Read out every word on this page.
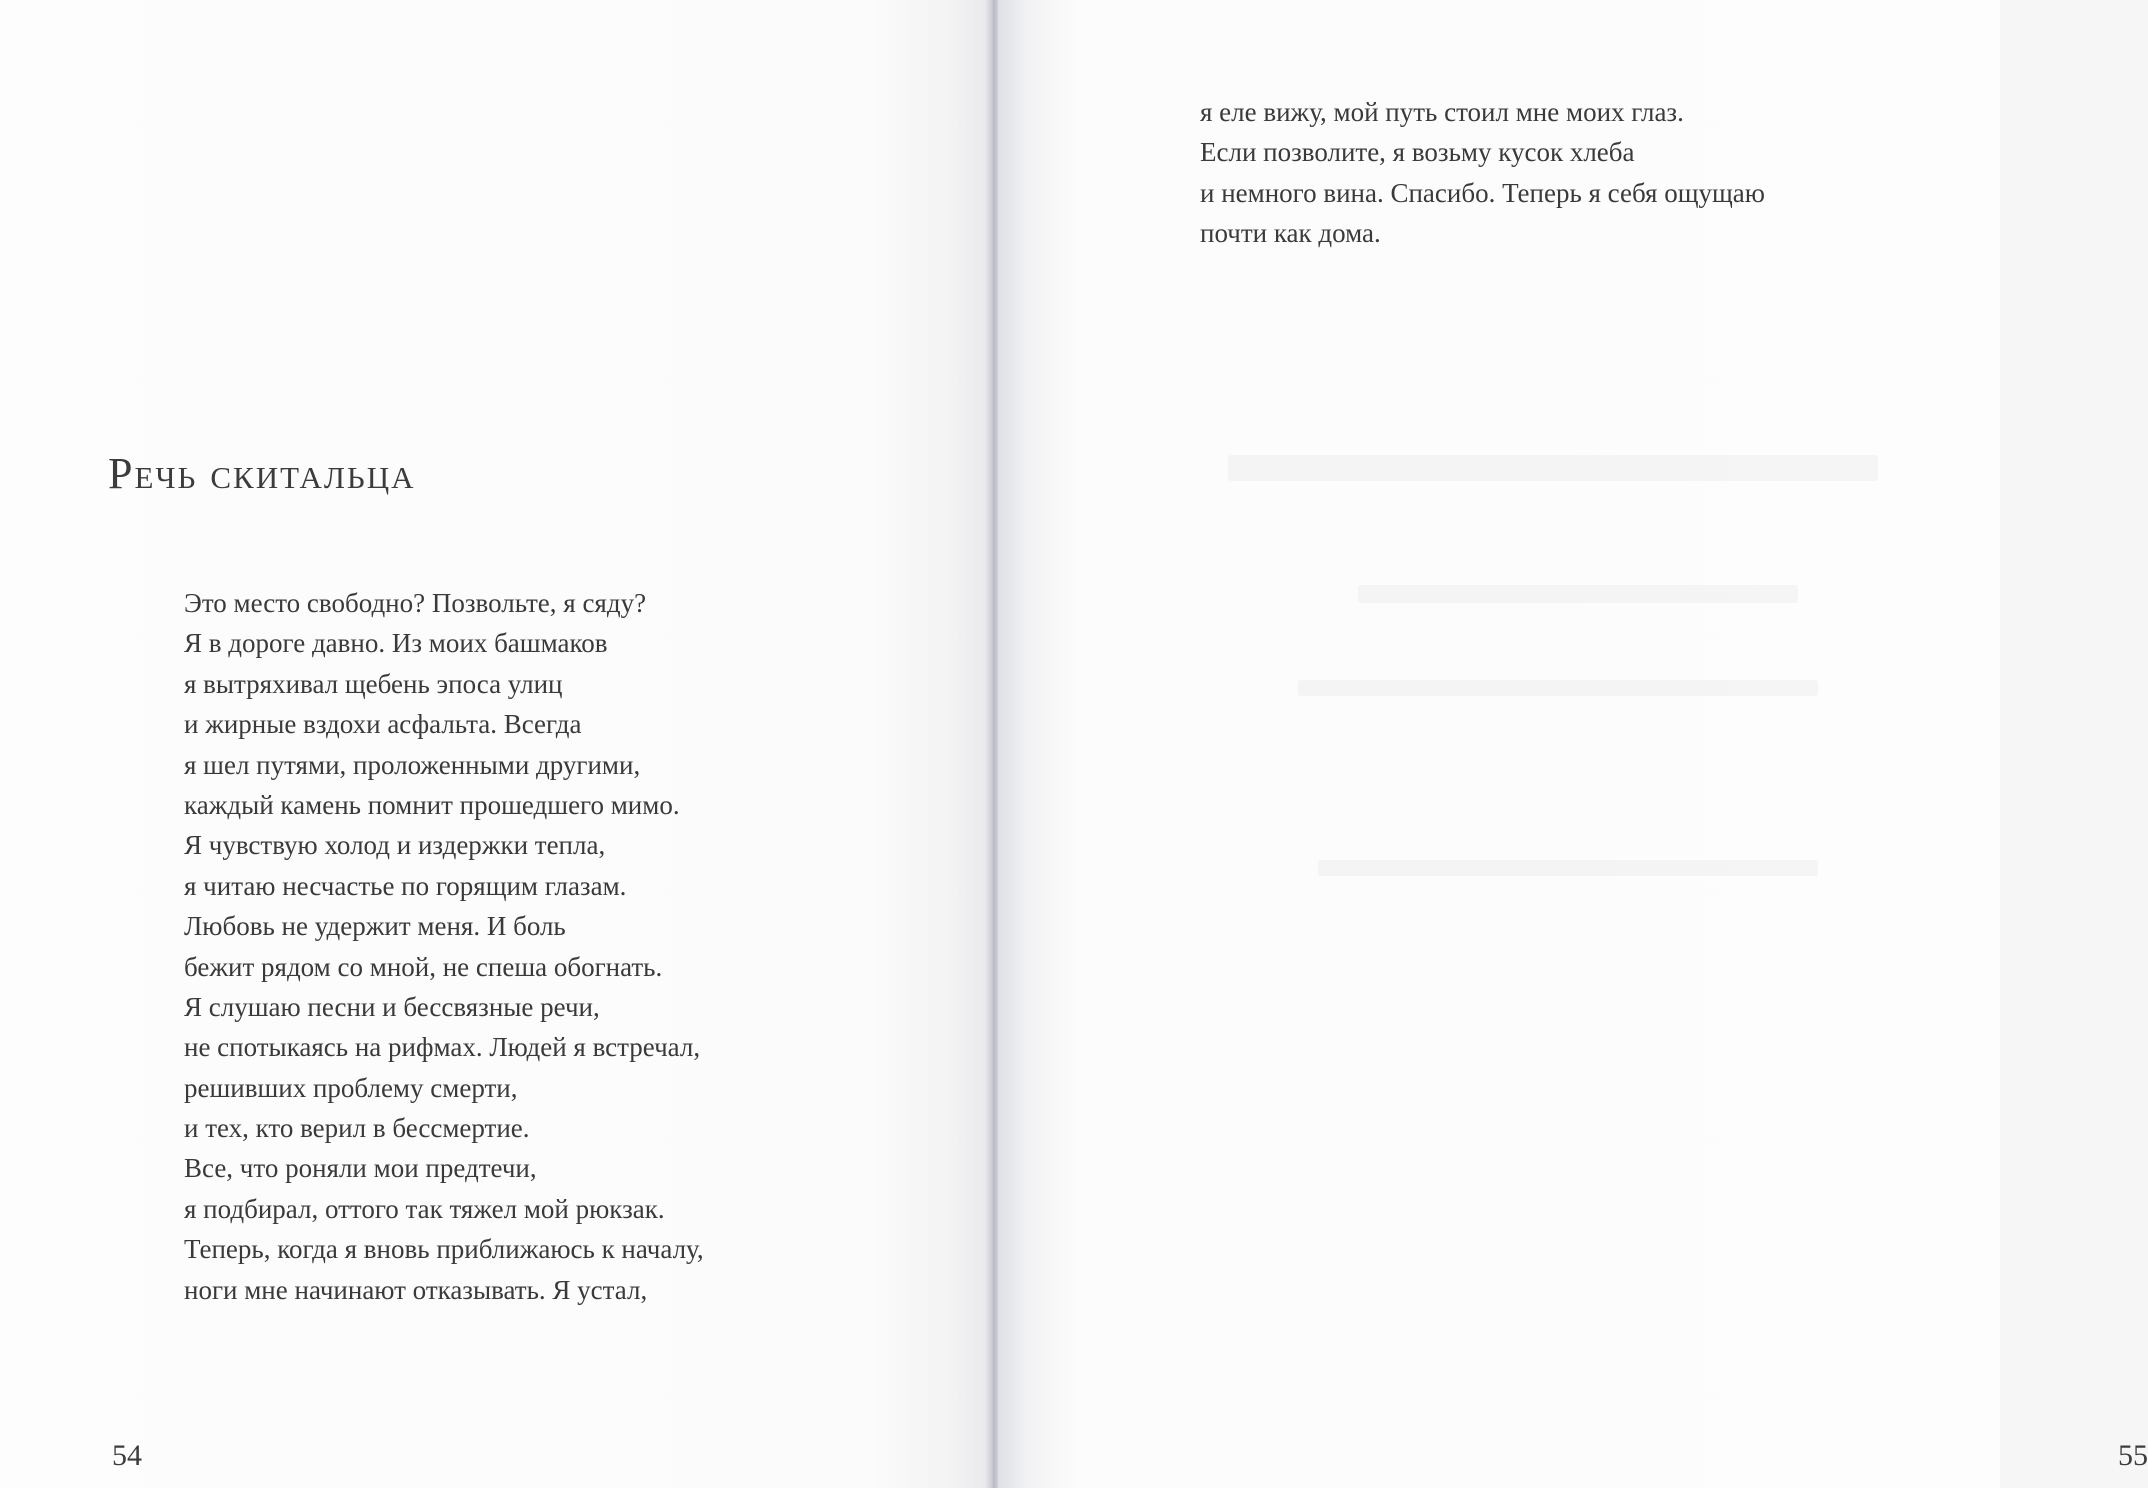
Речь скитальца
Это место свободно? Позвольте, я сяду?
Я в дороге давно. Из моих башмаков
я вытряхивал щебень эпоса улиц
и жирные вздохи асфальта. Всегда
я шел путями, проложенными другими,
каждый камень помнит прошедшего мимо.
Я чувствую холод и издержки тепла,
я читаю несчастье по горящим глазам.
Любовь не удержит меня. И боль
бежит рядом со мной, не спеша обогнать.
Я слушаю песни и бессвязные речи,
не спотыкаясь на рифмах. Людей я встречал,
решивших проблему смерти,
и тех, кто верил в бессмертие.
Все, что роняли мои предтечи,
я подбирал, оттого так тяжел мой рюкзак.
Теперь, когда я вновь приближаюсь к началу,
ноги мне начинают отказывать. Я устал,
54	55
я еле вижу, мой путь стоил мне моих глаз.
Если позволите, я возьму кусок хлеба
и немного вина. Спасибо. Теперь я себя ощущаю
почти как дома.
